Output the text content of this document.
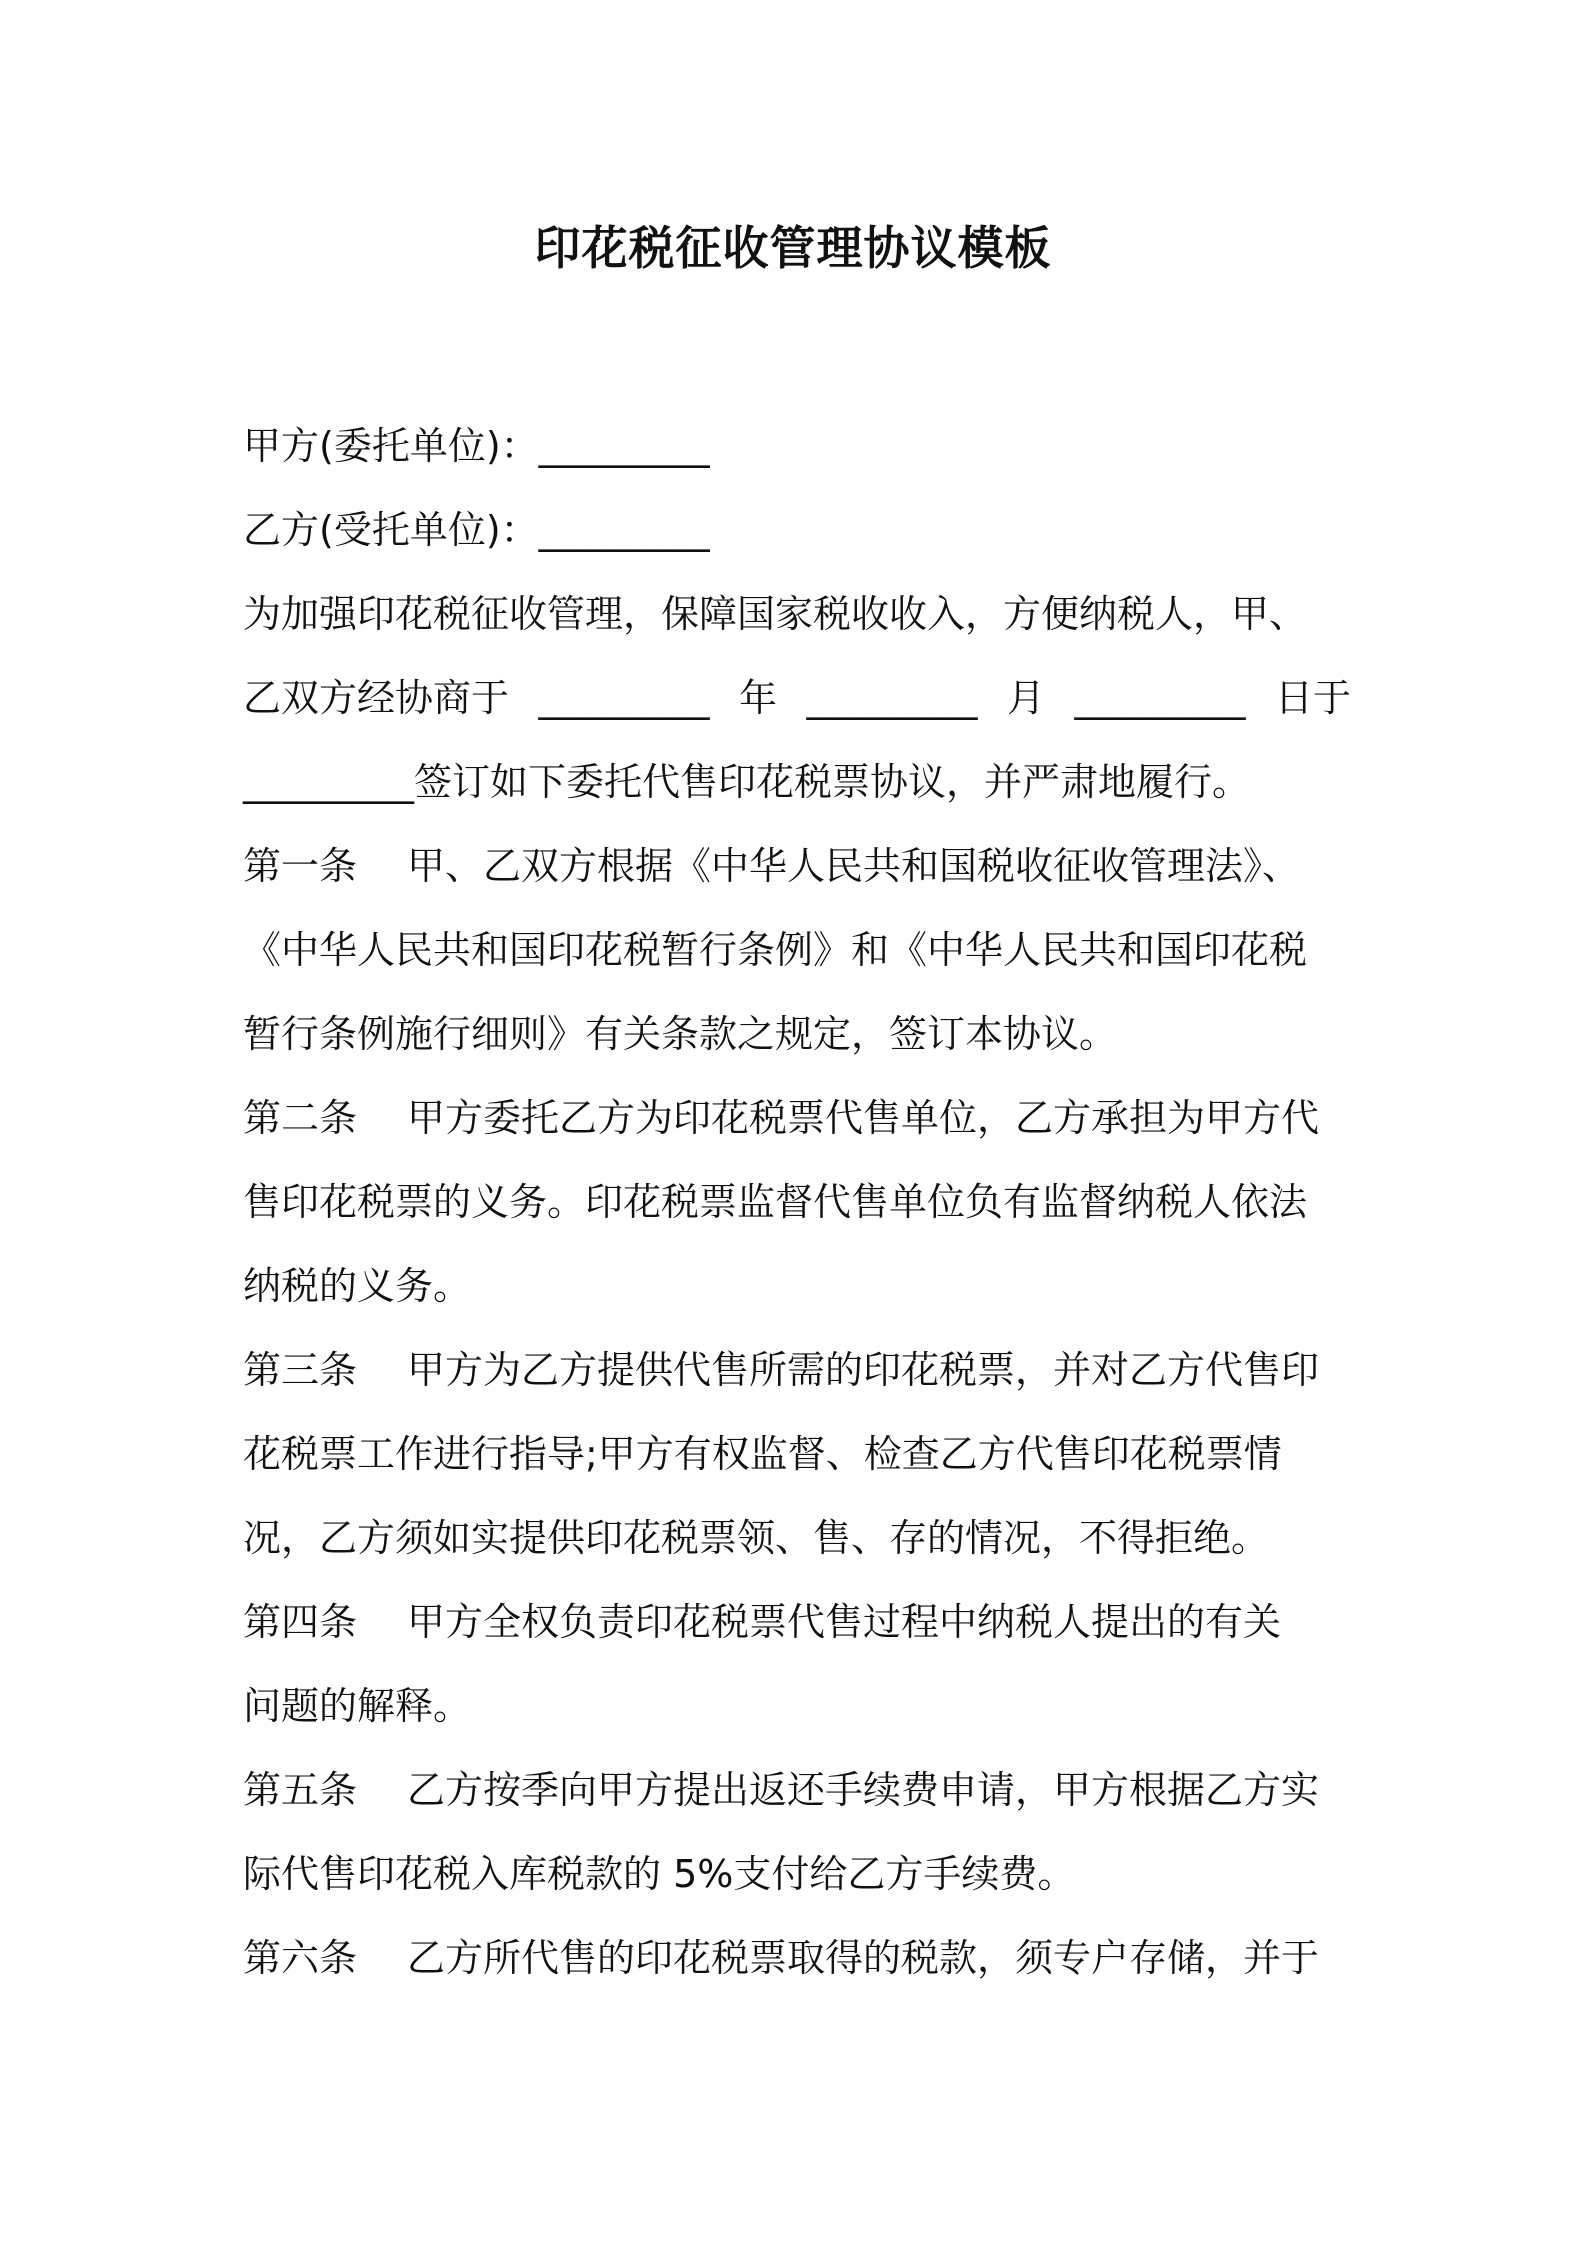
印花税征收管理协议模板
甲方(委托单位)：_________
乙方(受托单位)：_________
为加强印花税征收管理，保障国家税收收入，方便纳税人，甲、
乙双方经协商于 _________ 年 _________ 月 _________ 日于
_________签订如下委托代售印花税票协议，并严肃地履行。
第一条 甲、乙双方根据《中华人民共和国税收征收管理法》、
《中华人民共和国印花税暂行条例》和《中华人民共和国印花税
暂行条例施行细则》有关条款之规定，签订本协议。
第二条 甲方委托乙方为印花税票代售单位，乙方承担为甲方代
售印花税票的义务。印花税票监督代售单位负有监督纳税人依法
纳税的义务。
第三条 甲方为乙方提供代售所需的印花税票，并对乙方代售印
花税票工作进行指导;甲方有权监督、检查乙方代售印花税票情
况，乙方须如实提供印花税票领、售、存的情况，不得拒绝。
第四条 甲方全权负责印花税票代售过程中纳税人提出的有关
问题的解释。
第五条 乙方按季向甲方提出返还手续费申请，甲方根据乙方实
际代售印花税入库税款的 5%支付给乙方手续费。
第六条 乙方所代售的印花税票取得的税款，须专户存储，并于
